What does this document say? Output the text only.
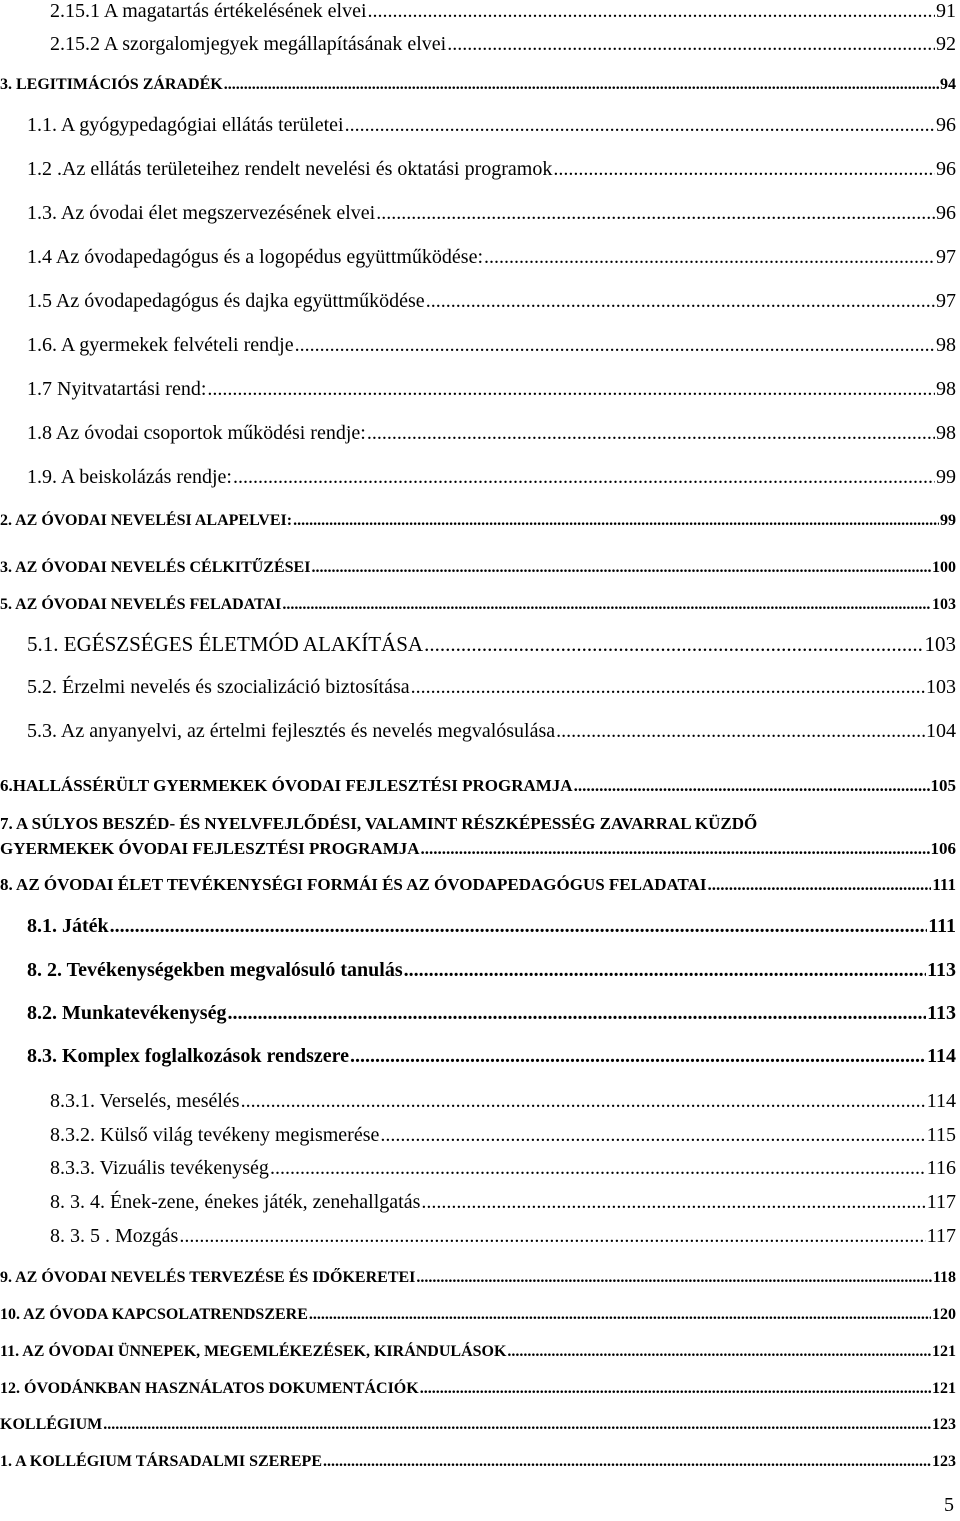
2.15.1 A magatartás értékelésének elvei .....	91
2.15.2 A szorgalomjegyek megállapításának elvei .....	92
3. LEGITIMÁCIÓS ZÁRADÉK .....	94
1.1. A gyógypedagógiai ellátás területei .....	96
1.2 .Az ellátás területeihez rendelt nevelési és oktatási programok .....	96
1.3. Az óvodai élet megszervezésének elvei .....	96
1.4 Az óvodapedagógus és a logopédus együttműködése: .....	97
1.5 Az óvodapedagógus és dajka együttműködése .....	97
1.6. A gyermekek felvételi rendje .....	98
1.7 Nyitvatartási rend: .....	98
1.8 Az óvodai csoportok működési rendje: .....	98
1.9. A beiskolázás rendje: .....	99
2. AZ ÓVODAI NEVELÉSI ALAPELVEI: .....	99
3. AZ ÓVODAI NEVELÉS CÉLKITŰZÉSEI .....	100
5. AZ ÓVODAI NEVELÉS FELADATAI .....	103
5.1. EGÉSZSÉGES ÉLETMÓD ALAKÍTÁSA .....	103
5.2. Érzelmi nevelés és szocializáció biztosítása .....	103
5.3. Az anyanyelvi, az értelmi fejlesztés és nevelés megvalósulása .....	104
6.HALLÁSSÉRÜLT GYERMEKEK ÓVODAI FEJLESZTÉSI PROGRAMJA .....	105
7. A SÚLYOS BESZÉD- ÉS NYELVFEJLŐDÉSI, VALAMINT RÉSZKÉPESSÉG ZAVARRAL KÜZDŐ
GYERMEKEK ÓVODAI FEJLESZTÉSI PROGRAMJA .....	106
8. AZ ÓVODAI ÉLET TEVÉKENYSÉGI FORMÁI ÉS AZ ÓVODAPEDAGÓGUS FELADATAI .....	111
8.1. Játék .....	111
8. 2. Tevékenységekben megvalósuló tanulás .....	113
8.2. Munkatevékenység .....	113
8.3. Komplex foglalkozások rendszere .....	114
8.3.1. Verselés, mesélés .....	114
8.3.2. Külső világ tevékeny megismerése .....	115
8.3.3. Vizuális tevékenység .....	116
8. 3. 4. Ének-zene, énekes játék, zenehallgatás .....	117
8. 3. 5 . Mozgás .....	117
9. AZ ÓVODAI NEVELÉS TERVEZÉSE ÉS IDŐKERETEI .....	118
10. AZ ÓVODA KAPCSOLATRENDSZERE .....	120
11. AZ ÓVODAI ÜNNEPEK, MEGEMLÉKEZÉSEK, KIRÁNDULÁSOK .....	121
12. ÓVODÁNKBAN HASZNÁLATOS DOKUMENTÁCIÓK .....	121
KOLLÉGIUM .....	123
1. A KOLLÉGIUM TÁRSADALMI SZEREPE .....	123
5
